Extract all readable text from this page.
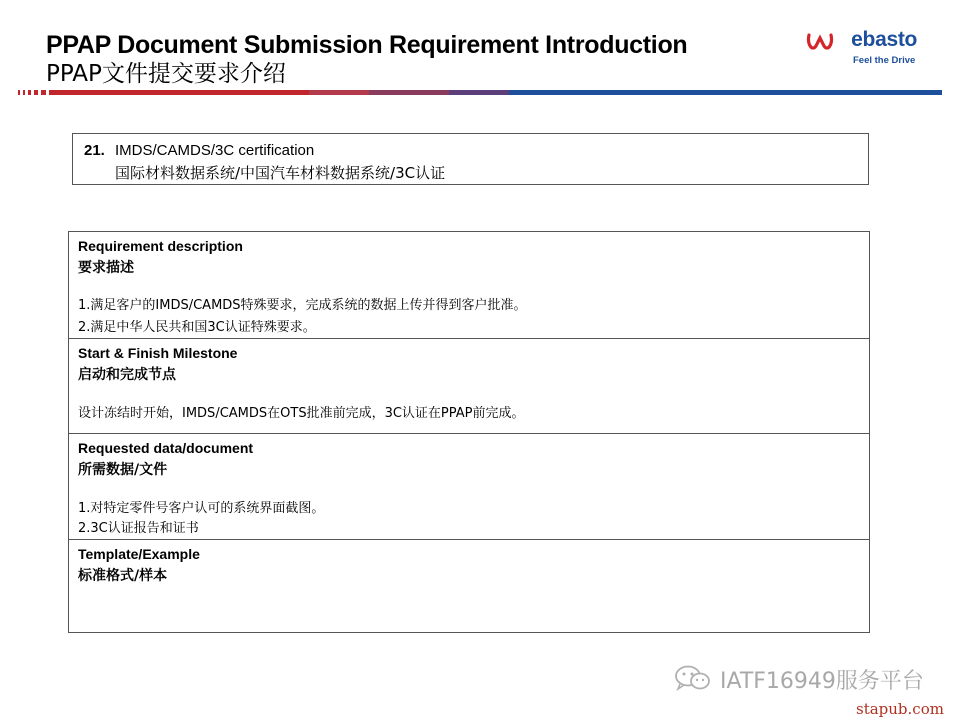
PPAP Document Submission Requirement Introduction
PPAP文件提交要求介绍
ebasto
Feel the Drive
21. IMDS/CAMDS/3C certification
国际材料数据系统/中国汽车材料数据系统/3C认证
Requirement description
要求描述
1.满足客户的IMDS/CAMDS特殊要求，完成系统的数据上传并得到客户批准。
2.满足中华人民共和国3C认证特殊要求。
Start & Finish Milestone
启动和完成节点
设计冻结时开始，IMDS/CAMDS在OTS批准前完成，3C认证在PPAP前完成。
Requested data/document
所需数据/文件
1.对特定零件号客户认可的系统界面截图。
2.3C认证报告和证书
Template/Example
标准格式/样本
IATF16949服务平台
stapub.com
